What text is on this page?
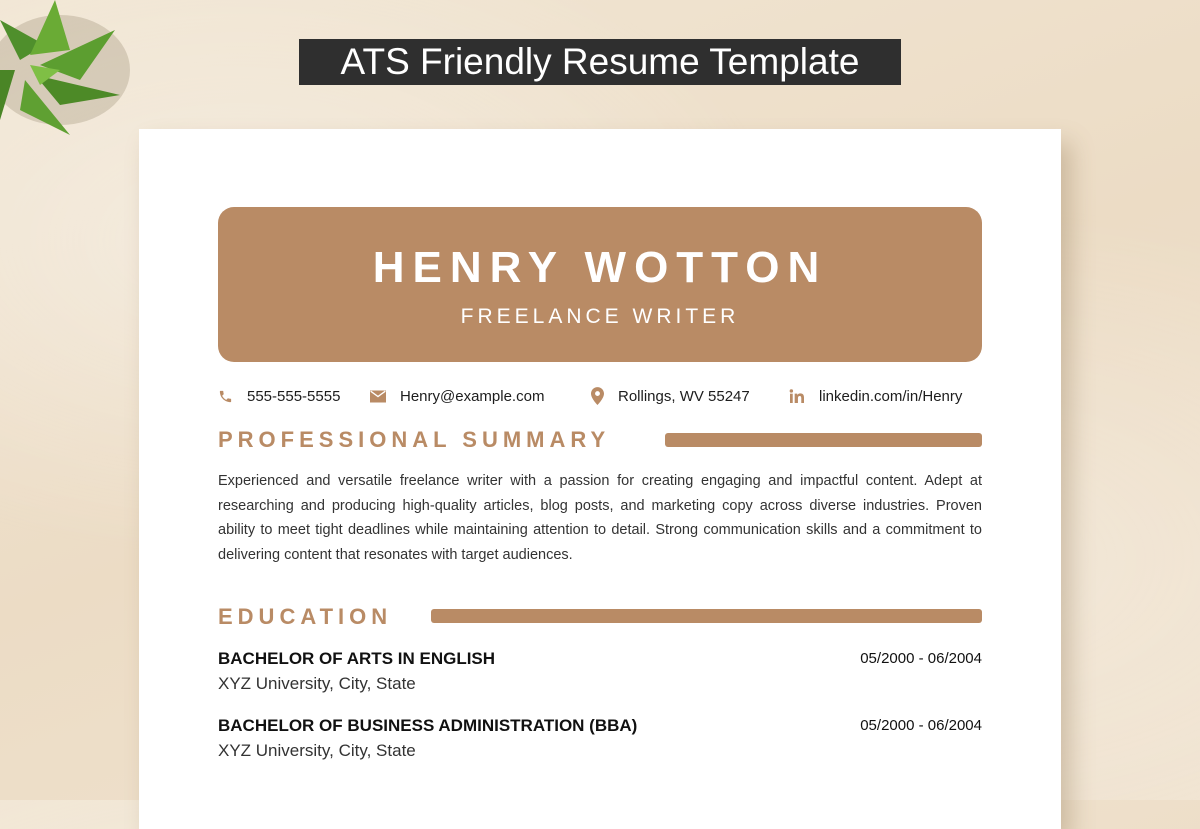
ATS Friendly Resume Template
HENRY WOTTON
FREELANCE WRITER
555-555-5555	Henry@example.com	Rollings, WV 55247	linkedin.com/in/Henry
PROFESSIONAL SUMMARY
Experienced and versatile freelance writer with a passion for creating engaging and impactful content. Adept at researching and producing high-quality articles, blog posts, and marketing copy across diverse industries. Proven ability to meet tight deadlines while maintaining attention to detail. Strong communication skills and a commitment to delivering content that resonates with target audiences.
EDUCATION
BACHELOR OF ARTS IN ENGLISH	05/2000 - 06/2004
XYZ University, City, State
BACHELOR OF BUSINESS ADMINISTRATION (BBA)	05/2000 - 06/2004
XYZ University, City, State
